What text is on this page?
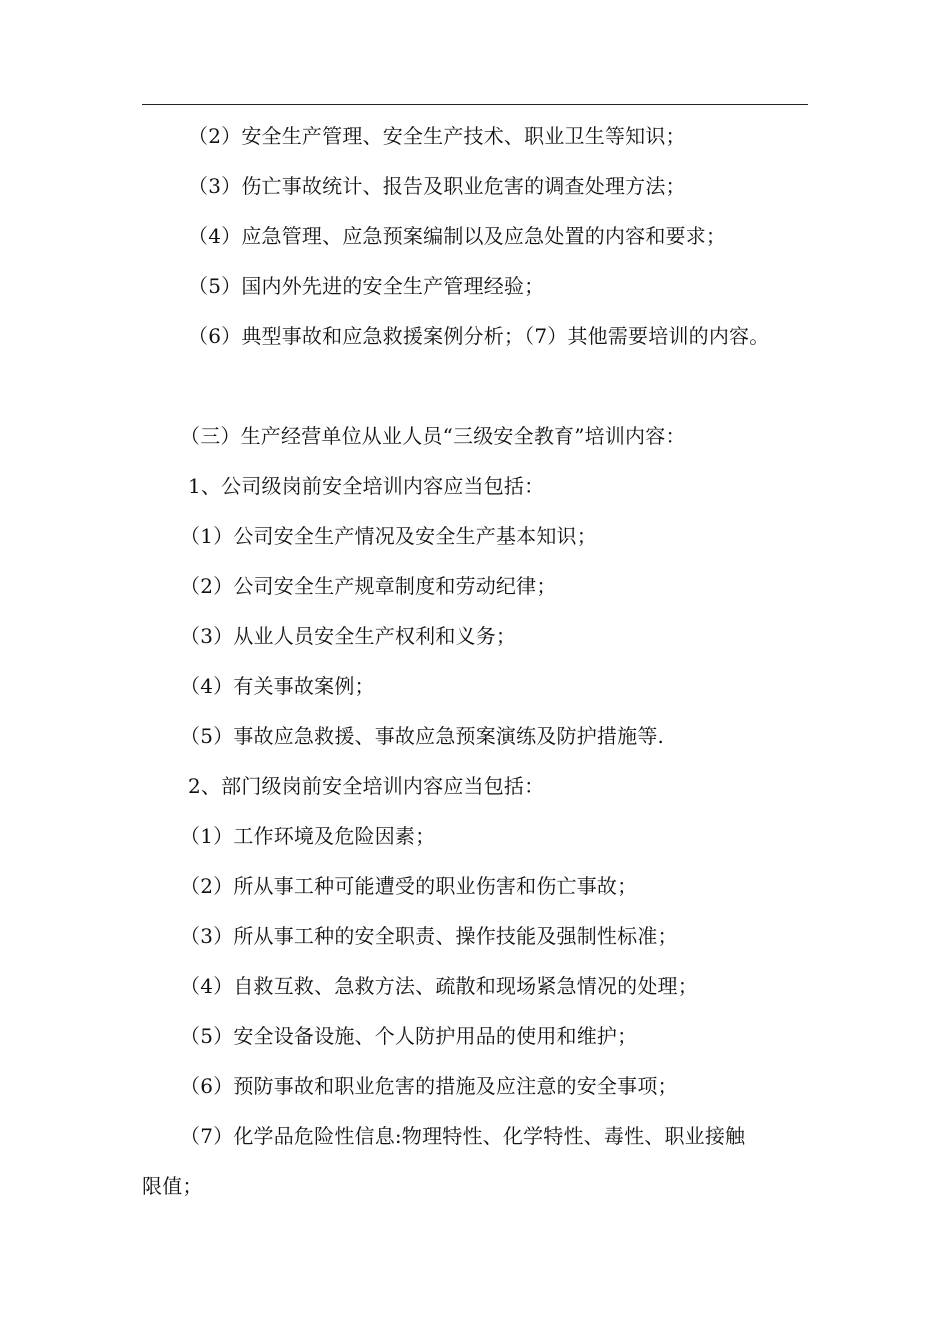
（2）安全生产管理、安全生产技术、职业卫生等知识；
（3）伤亡事故统计、报告及职业危害的调查处理方法；
（4）应急管理、应急预案编制以及应急处置的内容和要求；
（5）国内外先进的安全生产管理经验；
（6）典型事故和应急救援案例分析；（7）其他需要培训的内容。
（三）生产经营单位从业人员“三级安全教育”培训内容：
1、公司级岗前安全培训内容应当包括：
（1）公司安全生产情况及安全生产基本知识；
（2）公司安全生产规章制度和劳动纪律；
（3）从业人员安全生产权利和义务；
（4）有关事故案例；
（5）事故应急救援、事故应急预案演练及防护措施等.
2、部门级岗前安全培训内容应当包括：
（1）工作环境及危险因素；
（2）所从事工种可能遭受的职业伤害和伤亡事故；
（3）所从事工种的安全职责、操作技能及强制性标准；
（4）自救互救、急救方法、疏散和现场紧急情况的处理；
（5）安全设备设施、个人防护用品的使用和维护；
（6）预防事故和职业危害的措施及应注意的安全事项；
（7）化学品危险性信息:物理特性、化学特性、毒性、职业接触
限值；
